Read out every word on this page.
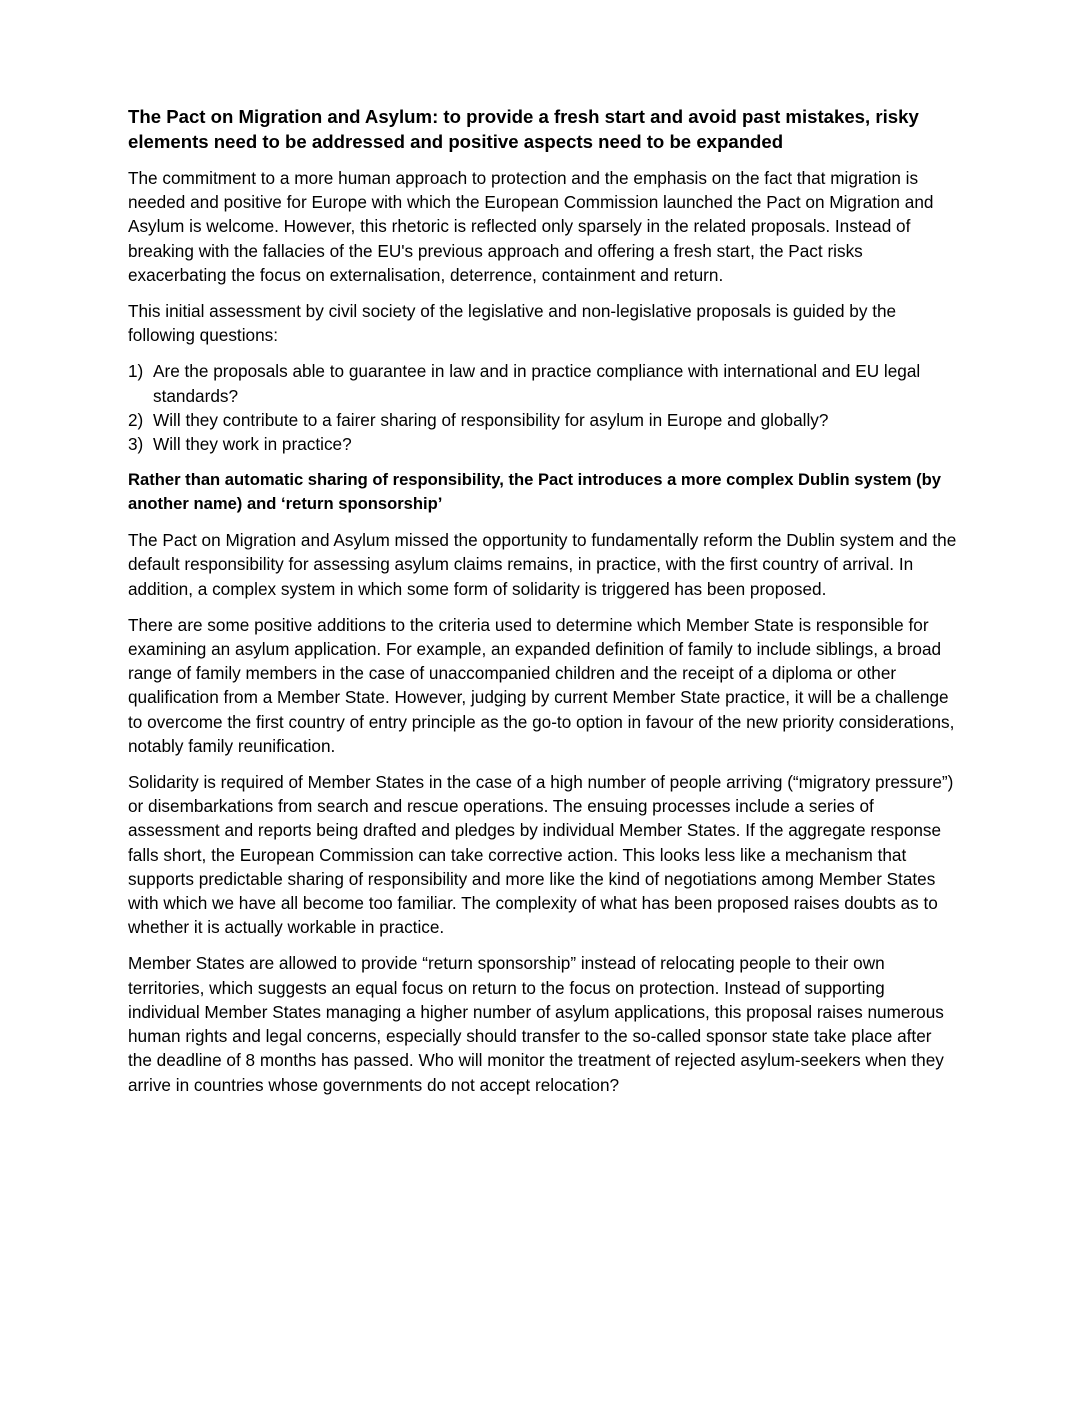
The Pact on Migration and Asylum: to provide a fresh start and avoid past mistakes, risky elements need to be addressed and positive aspects need to be expanded

The commitment to a more human approach to protection and the emphasis on the fact that migration is needed and positive for Europe with which the European Commission launched the Pact on Migration and Asylum is welcome. However, this rhetoric is reflected only sparsely in the related proposals. Instead of breaking with the fallacies of the EU's previous approach and offering a fresh start, the Pact risks exacerbating the focus on externalisation, deterrence, containment and return.

This initial assessment by civil society of the legislative and non-legislative proposals is guided by the following questions:

1) Are the proposals able to guarantee in law and in practice compliance with international and EU legal standards?
2) Will they contribute to a fairer sharing of responsibility for asylum in Europe and globally?
3) Will they work in practice?
Rather than automatic sharing of responsibility, the Pact introduces a more complex Dublin system (by another name) and ‘return sponsorship’

The Pact on Migration and Asylum missed the opportunity to fundamentally reform the Dublin system and the default responsibility for assessing asylum claims remains, in practice, with the first country of arrival. In addition, a complex system in which some form of solidarity is triggered has been proposed.

There are some positive additions to the criteria used to determine which Member State is responsible for examining an asylum application. For example, an expanded definition of family to include siblings, a broad range of family members in the case of unaccompanied children and the receipt of a diploma or other qualification from a Member State. However, judging by current Member State practice, it will be a challenge to overcome the first country of entry principle as the go-to option in favour of the new priority considerations, notably family reunification.

Solidarity is required of Member States in the case of a high number of people arriving (“migratory pressure”) or disembarkations from search and rescue operations. The ensuing processes include a series of assessment and reports being drafted and pledges by individual Member States. If the aggregate response falls short, the European Commission can take corrective action. This looks less like a mechanism that supports predictable sharing of responsibility and more like the kind of negotiations among Member States with which we have all become too familiar. The complexity of what has been proposed raises doubts as to whether it is actually workable in practice.

Member States are allowed to provide “return sponsorship” instead of relocating people to their own territories, which suggests an equal focus on return to the focus on protection. Instead of supporting individual Member States managing a higher number of asylum applications, this proposal raises numerous human rights and legal concerns, especially should transfer to the so-called sponsor state take place after the deadline of 8 months has passed. Who will monitor the treatment of rejected asylum-seekers when they arrive in countries whose governments do not accept relocation?
